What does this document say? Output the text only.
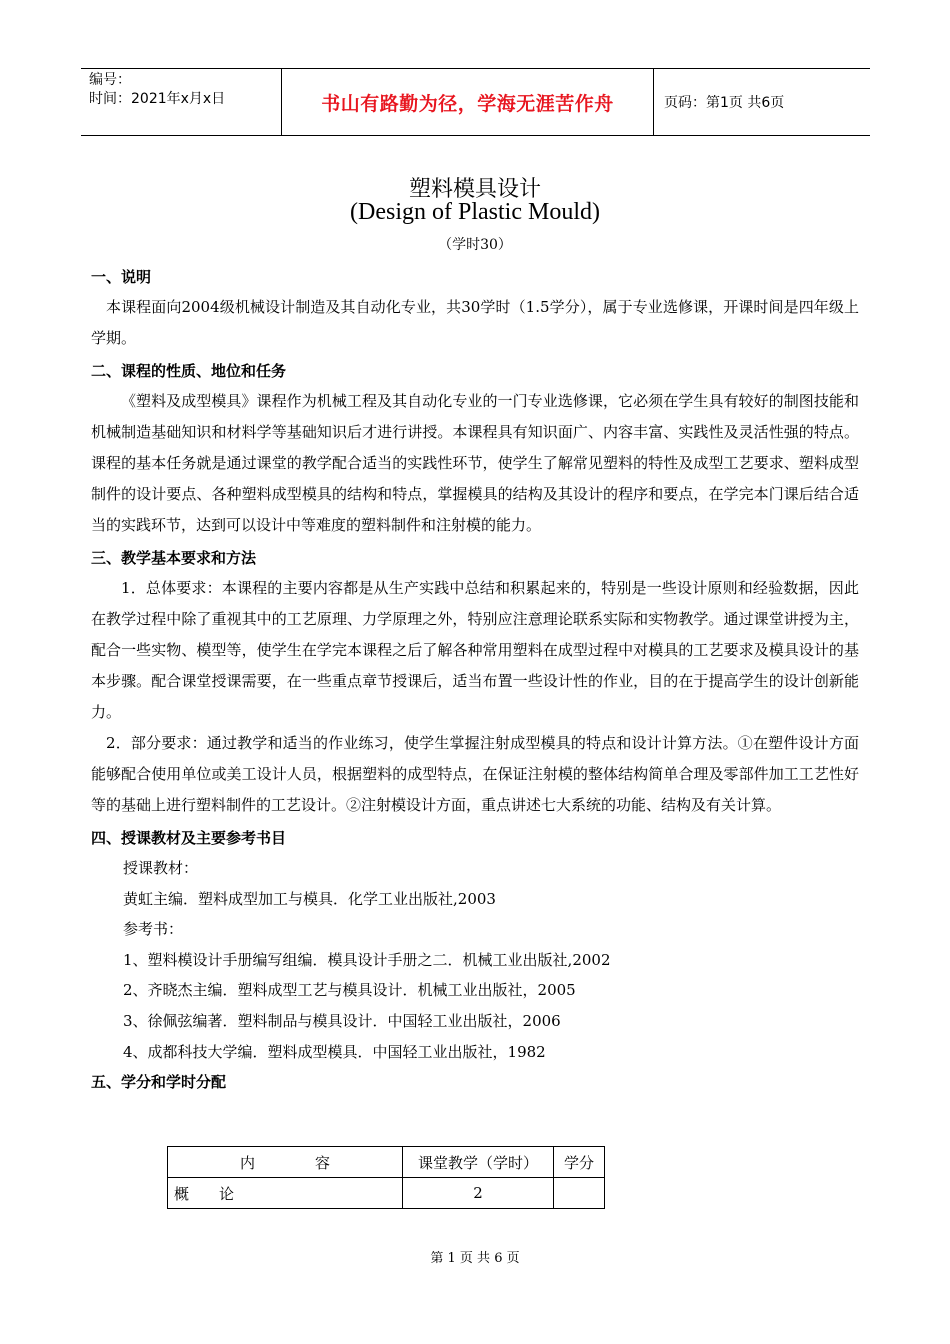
编号：
时间：2021年x月x日	书山有路勤为径，学海无涯苦作舟	页码：第1页 共6页
塑料模具设计
(Design of Plastic Mould)
（学时30）

一、说明

本课程面向2004级机械设计制造及其自动化专业，共30学时（1.5学分），属于专业选修课，开课时间是四年级上学期。

二、课程的性质、地位和任务

《塑料及成型模具》课程作为机械工程及其自动化专业的一门专业选修课，它必须在学生具有较好的制图技能和机械制造基础知识和材料学等基础知识后才进行讲授。本课程具有知识面广、内容丰富、实践性及灵活性强的特点。课程的基本任务就是通过课堂的教学配合适当的实践性环节，使学生了解常见塑料的特性及成型工艺要求、塑料成型制件的设计要点、各种塑料成型模具的结构和特点，掌握模具的结构及其设计的程序和要点，在学完本门课后结合适当的实践环节，达到可以设计中等难度的塑料制件和注射模的能力。

三、教学基本要求和方法

1．总体要求：本课程的主要内容都是从生产实践中总结和积累起来的，特别是一些设计原则和经验数据，因此在教学过程中除了重视其中的工艺原理、力学原理之外，特别应注意理论联系实际和实物教学。通过课堂讲授为主，配合一些实物、模型等，使学生在学完本课程之后了解各种常用塑料在成型过程中对模具的工艺要求及模具设计的基本步骤。配合课堂授课需要，在一些重点章节授课后，适当布置一些设计性的作业，目的在于提高学生的设计创新能力。

2．部分要求：通过教学和适当的作业练习，使学生掌握注射成型模具的特点和设计计算方法。①在塑件设计方面能够配合使用单位或美工设计人员，根据塑料的成型特点，在保证注射模的整体结构简单合理及零部件加工工艺性好等的基础上进行塑料制件的工艺设计。②注射模设计方面，重点讲述七大系统的功能、结构及有关计算。

四、授课教材及主要参考书目

授课教材：

黄虹主编．塑料成型加工与模具．化学工业出版社,2003

参考书：

1、塑料模设计手册编写组编．模具设计手册之二．机械工业出版社,2002

2、齐晓杰主编．塑料成型工艺与模具设计．机械工业出版社，2005

3、徐佩弦编著．塑料制品与模具设计．中国轻工业出版社，2006

4、成都科技大学编．塑料成型模具．中国轻工业出版社，1982

五、学分和学时分配

内　　　　容	课堂教学（学时）	学分
概　　论	2	
第 1 页 共 6 页
